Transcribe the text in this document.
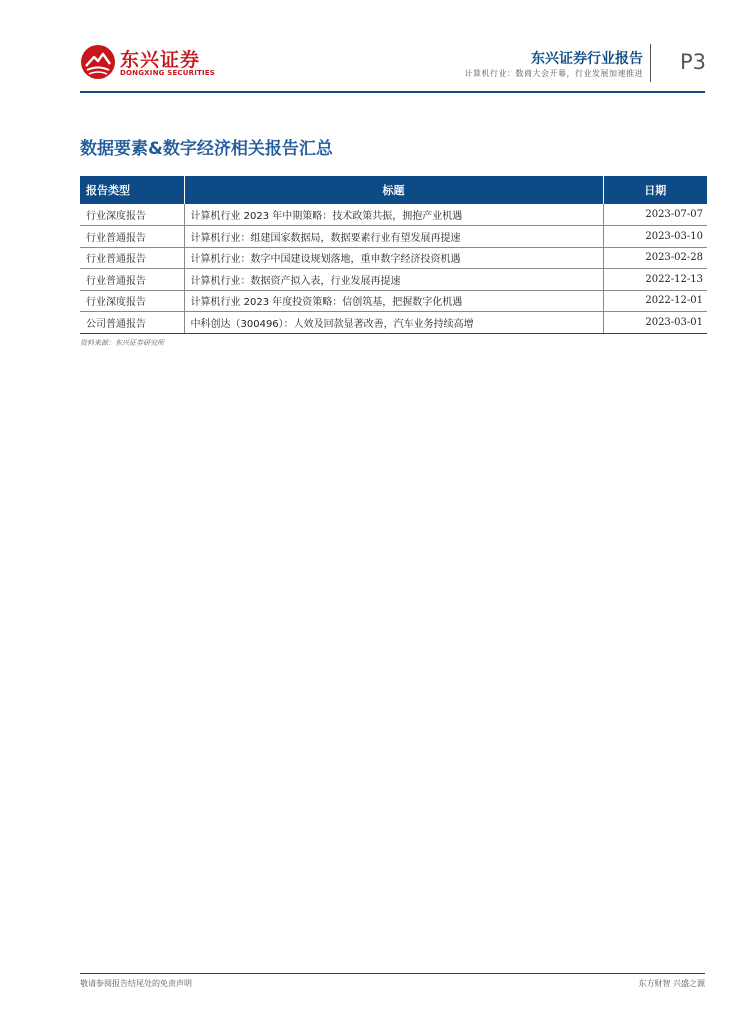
东兴证券
DONGXING SECURITIES
东兴证券行业报告
计算机行业：数商大会开幕，行业发展加速推进 P3
数据要素&数字经济相关报告汇总
报告类型	标题	日期
行业深度报告	计算机行业 2023 年中期策略：技术政策共振，拥抱产业机遇	2023-07-07
行业普通报告	计算机行业：组建国家数据局，数据要素行业有望发展再提速	2023-03-10
行业普通报告	计算机行业：数字中国建设规划落地，重申数字经济投资机遇	2023-02-28
行业普通报告	计算机行业：数据资产拟入表，行业发展再提速	2022-12-13
行业深度报告	计算机行业 2023 年度投资策略：信创筑基，把握数字化机遇	2022-12-01
公司普通报告	中科创达（300496）：人效及回款显著改善，汽车业务持续高增	2023-03-01
资料来源：东兴证券研究所
敬请参阅报告结尾处的免责声明	东方财智 兴盛之源
